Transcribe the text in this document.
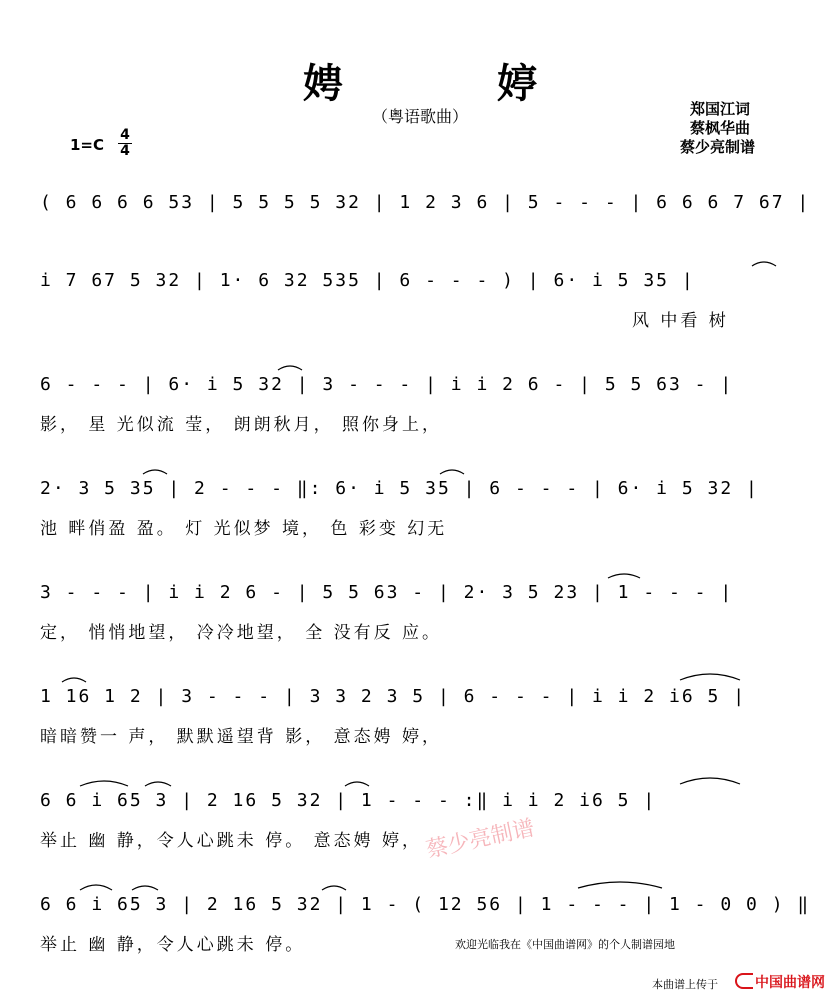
娉 婷
（粤语歌曲）	郑国江词
蔡枫华曲
蔡少亮制谱
1=C
4
4
( 6 6 6 6 53 | 5 5 5 5 32 | 1 2 3 6 | 5 - - - | 6 6 6 7 67 |
i 7 67 5 32 | 1· 6 32 535 | 6 - - - ) | 6· i 5 35 |
风 中看 树
6 - - - | 6· i 5 32 | 3 - - - | i i 2 6 - | 5 5 63 - |
影， 星 光似流 莹， 朗朗秋月， 照你身上，
2· 3 5 35 | 2 - - - ‖: 6· i 5 35 | 6 - - - | 6· i 5 32 |
池 畔俏盈 盈。 灯 光似梦 境， 色 彩变 幻无
3 - - - | i i 2 6 - | 5 5 63 - | 2· 3 5 23 | 1 - - - |
定， 悄悄地望， 冷冷地望， 全 没有反 应。
1 16 1 2 | 3 - - - | 3 3 2 3 5 | 6 - - - | i i 2 i6 5 |
暗暗赞一 声， 默默遥望背 影， 意态娉 婷，
6 6 i 65 3 | 2 16 5 32 | 1 - - - :‖ i i 2 i6 5 |
举止 幽 静，令人心跳未 停。 意态娉 婷，
6 6 i 65 3 | 2 16 5 32 | 1 - ( 12 56 | 1 - - - | 1 - 0 0 ) ‖
举止 幽 静，令人心跳未 停。
蔡少亮制谱
欢迎光临我在《中国曲谱网》的个人制谱园地
本曲谱上传于	中国曲谱网
